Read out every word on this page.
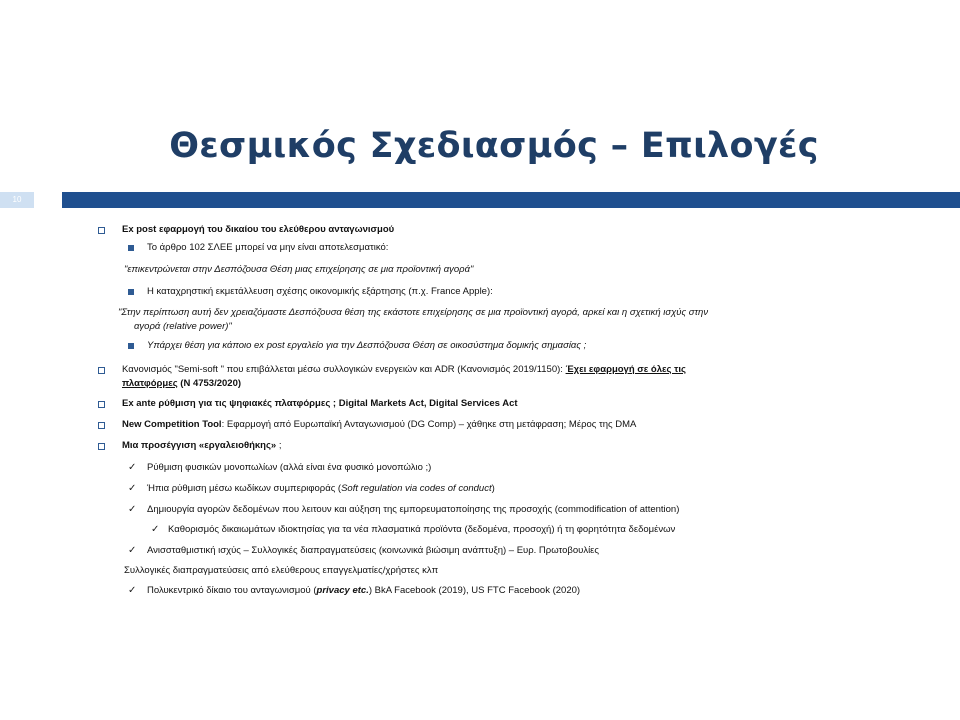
Θεσμικός Σχεδιασμός – Επιλογές
10
Ex post εφαρμογή του δικαίου του ελεύθερου ανταγωνισμού
Το άρθρο 102 ΣΛΕΕ μπορεί να μην είναι αποτελεσματικό:
"επικεντρώνεται στην Δεσπόζουσα Θέση μιας επιχείρησης σε μια προϊοντική αγορά"
Η καταχρηστική εκμετάλλευση σχέσης οικονομικής εξάρτησης (π.χ. France Apple):
"Στην περίπτωση αυτή δεν χρειαζόμαστε Δεσπόζουσα θέση της εκάστοτε επιχείρησης σε μια προϊοντική αγορά, αρκεί και η σχετική ισχύς στην
αγορά (relative power)"
Υπάρχει θέση για κάποιο ex post εργαλείο για την Δεσπόζουσα Θέση σε οικοσύστημα δομικής σημασίας ;
Κανονισμός "Semi-soft " που επιβάλλεται μέσω συλλογικών ενεργειών και ADR (Κανονισμός 2019/1150): Έχει εφαρμογή σε όλες τις
πλατφόρμες (Ν 4753/2020)
Ex ante ρύθμιση για τις ψηφιακές πλατφόρμες ; Digital Markets Act, Digital Services Act
New Competition Tool: Εφαρμογή από Ευρωπαϊκή Ανταγωνισμού (DG Comp) – χάθηκε στη μετάφραση; Μέρος της DMA
Μια προσέγγιση «εργαλειοθήκης» ;
✓ Ρύθμιση φυσικών μονοπωλίων (αλλά είναι ένα φυσικό μονοπώλιο ;)
✓ Ήπια ρύθμιση μέσω κωδίκων συμπεριφοράς (Soft regulation via codes of conduct)
✓ Δημιουργία αγορών δεδομένων που λειτουν και αύξηση της εμπορευματοποίησης της προσοχής (commodification of attention)
✓ Καθορισμός δικαιωμάτων ιδιοκτησίας για τα νέα πλασματικά προϊόντα (δεδομένα, προσοχή) ή τη φορητότητα δεδομένων
✓ Ανισσταθμιστική ισχύς – Συλλογικές διαπραγματεύσεις (κοινωνικά βιώσιμη ανάπτυξη) – Ευρ. Πρωτοβουλίες
Συλλογικές διαπραγματεύσεις από ελεύθερους επαγγελματίες/χρήστες κλπ
✓ Πολυκεντρικό δίκαιο του ανταγωνισμού (privacy etc.) BkA Facebook (2019), US FTC Facebook (2020)
